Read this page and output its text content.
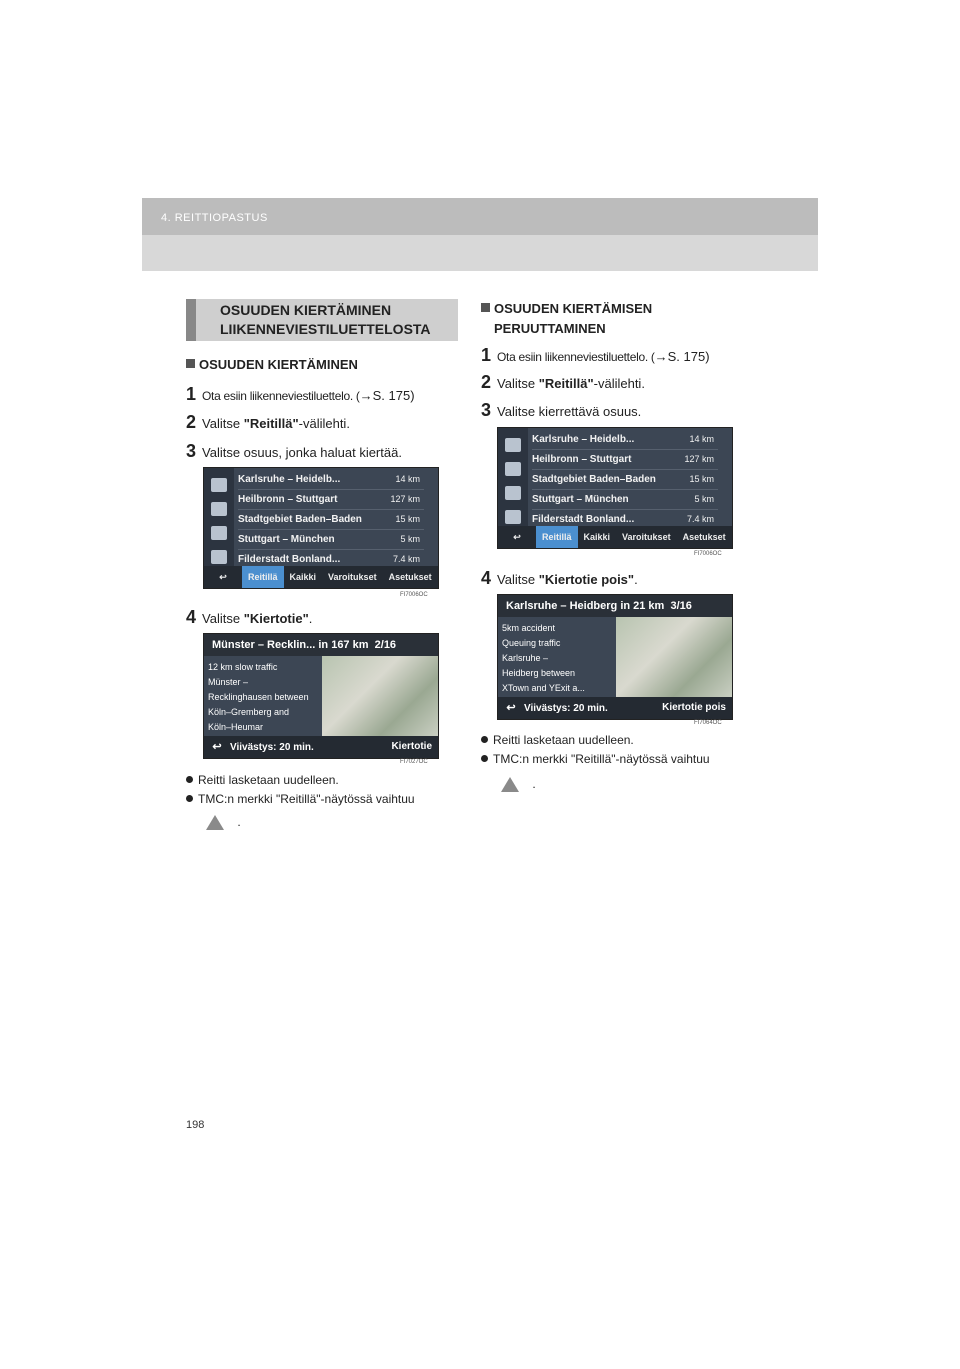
4. REITTIOPASTUS
OSUUDEN KIERTÄMINEN
LIIKENNEVIESTILUETTELOSTA
OSUUDEN KIERTÄMINEN
1 Ota esiin liikenneviestiluettelo. (→S. 175)
2 Valitse "Reitillä"-välilehti.
3 Valitse osuus, jonka haluat kiertää.
Karlsruhe – Heidelb...	14 km
Heilbronn – Stuttgart	127 km
Stadtgebiet Baden–Baden	15 km
Stuttgart – München	5 km
Filderstadt Bonland...	7.4 km
↩ Reitillä Kaikki Varoitukset Asetukset
FI7006OC
4 Valitse "Kiertotie".
Münster – Recklin... in 167 km 2/16
12 km slow traffic
Münster –
Recklinghausen between
Köln–Gremberg and
Köln–Heumar
↩ Viivästys: 20 min.	Kiertotie
FI7027OC
Reitti lasketaan uudelleen.
TMC:n merkki "Reitillä"-näytössä vaihtuu
.
OSUUDEN KIERTÄMISEN
PERUUTTAMINEN
1 Ota esiin liikenneviestiluettelo. (→S. 175)
2 Valitse "Reitillä"-välilehti.
3 Valitse kierrettävä osuus.
Karlsruhe – Heidelb...	14 km
Heilbronn – Stuttgart	127 km
Stadtgebiet Baden–Baden	15 km
Stuttgart – München	5 km
Filderstadt Bonland...	7.4 km
↩ Reitillä Kaikki Varoitukset Asetukset
FI7006OC
4 Valitse "Kiertotie pois".
Karlsruhe – Heidberg in 21 km 3/16
5km accident
Queuing traffic
Karlsruhe –
Heidberg between
XTown and YExit a...
↩ Viivästys: 20 min.	Kiertotie pois
FI7064OC
Reitti lasketaan uudelleen.
TMC:n merkki "Reitillä"-näytössä vaihtuu
.
198
